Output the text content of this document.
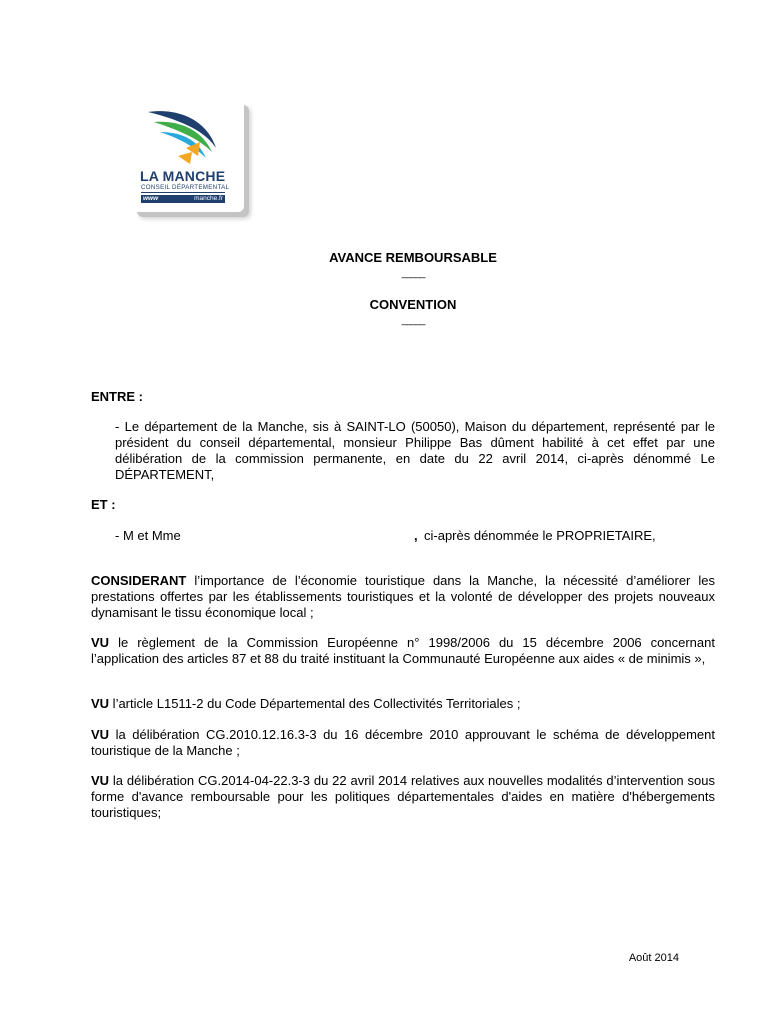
LA MANCHE
CONSEIL DÉPARTEMENTAL
www	manche.fr
AVANCE REMBOURSABLE
_____
CONVENTION
_____
ENTRE :
- Le département de la Manche, sis à SAINT-LO (50050), Maison du département, représenté par le président du conseil départemental, monsieur Philippe Bas dûment habilité à cet effet par une délibération de la commission permanente, en date du 22 avril 2014, ci-après dénommé Le DÉPARTEMENT,
ET :
- M et Mme	, ci-après dénommée le PROPRIETAIRE,
CONSIDERANT l’importance de l’économie touristique dans la Manche, la nécessité d’améliorer les prestations offertes par les établissements touristiques et la volonté de développer des projets nouveaux dynamisant le tissu économique local ;
VU le règlement de la Commission Européenne n° 1998/2006 du 15 décembre 2006 concernant l’application des articles 87 et 88 du traité instituant la Communauté Européenne aux aides « de minimis »,
VU l’article L1511-2 du Code Départemental des Collectivités Territoriales ;
VU la délibération CG.2010.12.16.3-3 du 16 décembre 2010 approuvant le schéma de développement touristique de la Manche ;
VU la délibération CG.2014-04-22.3-3 du 22 avril 2014 relatives aux nouvelles modalités d’intervention sous forme d'avance remboursable pour les politiques départementales d'aides en matière d'hébergements touristiques;
Août 2014
